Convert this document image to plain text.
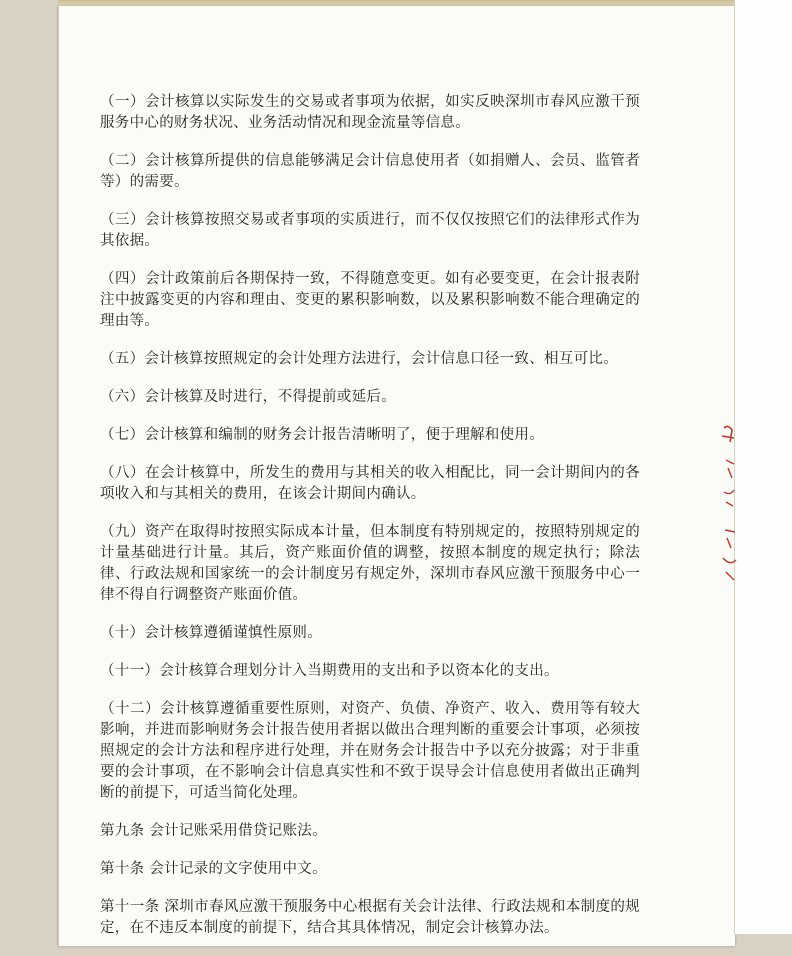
（一）会计核算以实际发生的交易或者事项为依据，如实反映深圳市春风应激干预服务中心的财务状况、业务活动情况和现金流量等信息。

（二）会计核算所提供的信息能够满足会计信息使用者（如捐赠人、会员、监管者等）的需要。

（三）会计核算按照交易或者事项的实质进行，而不仅仅按照它们的法律形式作为其依据。

（四）会计政策前后各期保持一致，不得随意变更。如有必要变更，在会计报表附注中披露变更的内容和理由、变更的累积影响数，以及累积影响数不能合理确定的理由等。

（五）会计核算按照规定的会计处理方法进行，会计信息口径一致、相互可比。

（六）会计核算及时进行，不得提前或延后。

（七）会计核算和编制的财务会计报告清晰明了，便于理解和使用。

（八）在会计核算中，所发生的费用与其相关的收入相配比，同一会计期间内的各项收入和与其相关的费用，在该会计期间内确认。

（九）资产在取得时按照实际成本计量，但本制度有特别规定的，按照特别规定的计量基础进行计量。其后，资产账面价值的调整，按照本制度的规定执行；除法律、行政法规和国家统一的会计制度另有规定外，深圳市春风应激干预服务中心一律不得自行调整资产账面价值。

（十）会计核算遵循谨慎性原则。

（十一）会计核算合理划分计入当期费用的支出和予以资本化的支出。

（十二）会计核算遵循重要性原则，对资产、负债、净资产、收入、费用等有较大影响，并进而影响财务会计报告使用者据以做出合理判断的重要会计事项，必须按照规定的会计方法和程序进行处理，并在财务会计报告中予以充分披露；对于非重要的会计事项，在不影响会计信息真实性和不致于误导会计信息使用者做出正确判断的前提下，可适当简化处理。

第九条 会计记账采用借贷记账法。

第十条 会计记录的文字使用中文。

第十一条 深圳市春风应激干预服务中心根据有关会计法律、行政法规和本制度的规定，在不违反本制度的前提下，结合其具体情况，制定会计核算办法。
